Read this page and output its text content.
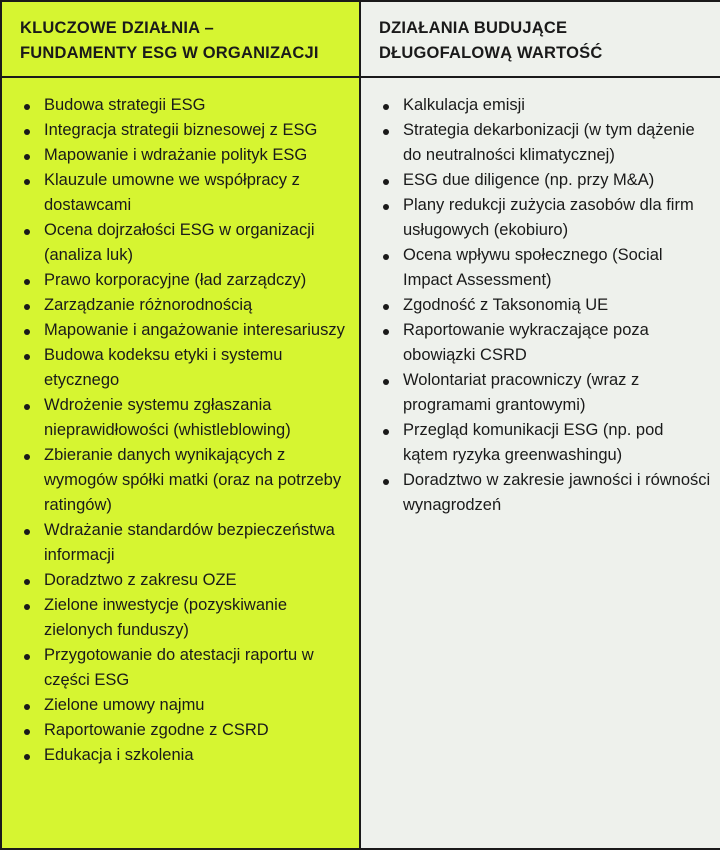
KLUCZOWE DZIAŁNIA –
FUNDAMENTY ESG W ORGANIZACJI
DZIAŁANIA BUDUJĄCE
DŁUGOFALOWĄ WARTOŚĆ
Budowa strategii ESG
Integracja strategii biznesowej z ESG
Mapowanie i wdrażanie polityk ESG
Klauzule umowne we współpracy z dostawcami
Ocena dojrzałości ESG w organizacji (analiza luk)
Prawo korporacyjne (ład zarządczy)
Zarządzanie różnorodnością
Mapowanie i angażowanie interesariuszy
Budowa kodeksu etyki i systemu etycznego
Wdrożenie systemu zgłaszania nieprawidłowości (whistleblowing)
Zbieranie danych wynikających z wymogów spółki matki (oraz na potrzeby ratingów)
Wdrażanie standardów bezpieczeństwa informacji
Doradztwo z zakresu OZE
Zielone inwestycje (pozyskiwanie zielonych funduszy)
Przygotowanie do atestacji raportu w części ESG
Zielone umowy najmu
Raportowanie zgodne z CSRD
Edukacja i szkolenia
Kalkulacja emisji
Strategia dekarbonizacji (w tym dążenie do neutralności klimatycznej)
ESG due diligence (np. przy M&A)
Plany redukcji zużycia zasobów dla firm usługowych (ekobiuro)
Ocena wpływu społecznego (Social Impact Assessment)
Zgodność z Taksonomią UE
Raportowanie wykraczające poza obowiązki CSRD
Wolontariat pracowniczy (wraz z programami grantowymi)
Przegląd komunikacji ESG (np. pod kątem ryzyka greenwashingu)
Doradztwo w zakresie jawności i równości wynagrodzeń
